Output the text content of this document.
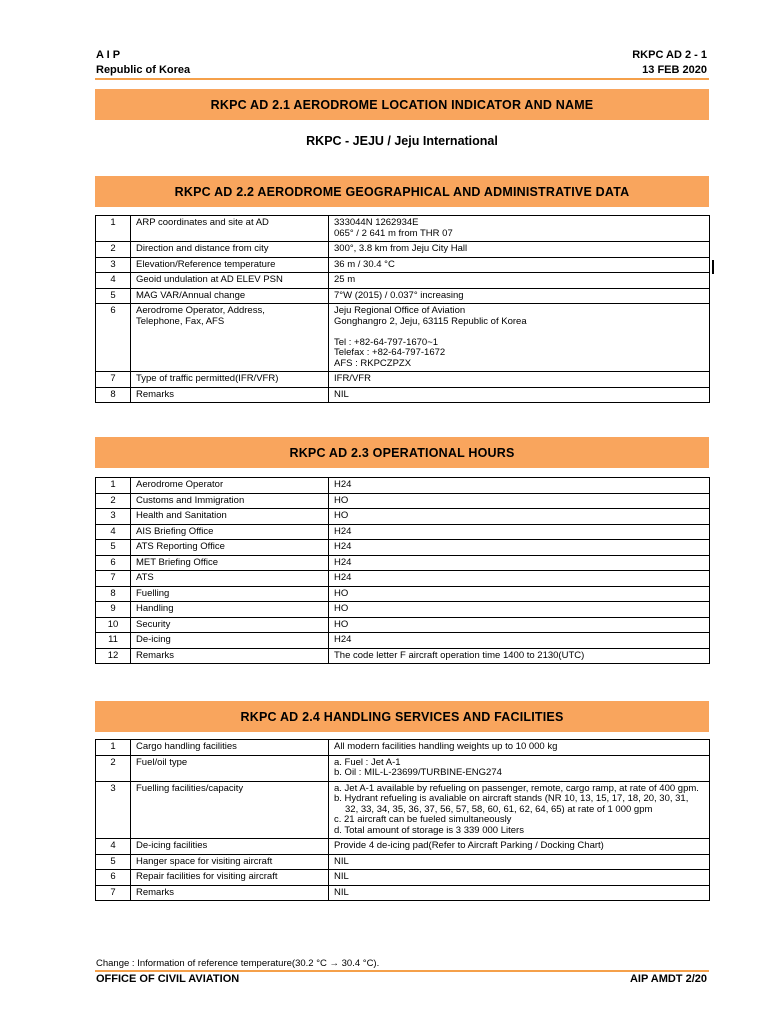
A I P
Republic of Korea
RKPC AD 2 - 1
13 FEB 2020
RKPC AD 2.1 AERODROME LOCATION INDICATOR AND NAME
RKPC - JEJU / Jeju International
RKPC AD 2.2 AERODROME GEOGRAPHICAL AND ADMINISTRATIVE DATA
1	ARP coordinates and site at AD	333044N 1262934E
065° / 2 641 m from THR 07
2	Direction and distance from city	300°, 3.8 km from Jeju City Hall
3	Elevation/Reference temperature	36 m / 30.4 °C
4	Geoid undulation at AD ELEV PSN	25 m
5	MAG VAR/Annual change	7°W (2015) / 0.037° increasing
6	Aerodrome Operator, Address,
Telephone, Fax, AFS	Jeju Regional Office of Aviation
Gonghangro 2, Jeju, 63115 Republic of Korea

Tel : +82-64-797-1670~1
Telefax : +82-64-797-1672
AFS : RKPCZPZX
7	Type of traffic permitted(IFR/VFR)	IFR/VFR
8	Remarks	NIL
RKPC AD 2.3 OPERATIONAL HOURS
1	Aerodrome Operator	H24
2	Customs and Immigration	HO
3	Health and Sanitation	HO
4	AIS Briefing Office	H24
5	ATS Reporting Office	H24
6	MET Briefing Office	H24
7	ATS	H24
8	Fuelling	HO
9	Handling	HO
10	Security	HO
11	De-icing	H24
12	Remarks	The code letter F aircraft operation time 1400 to 2130(UTC)
RKPC AD 2.4 HANDLING SERVICES AND FACILITIES
1	Cargo handling facilities	All modern facilities handling weights up to 10 000 kg
2	Fuel/oil type	a. Fuel : Jet A-1
b. Oil : MIL-L-23699/TURBINE-ENG274

3	Fuelling facilities/capacity	a. Jet A-1 available by refueling on passenger, remote, cargo ramp, at rate of 400 gpm.
b. Hydrant refueling is avaliable on aircraft stands (NR 10, 13, 15, 17, 18, 20, 30, 31, 32, 33, 34, 35, 36, 37, 56, 57, 58, 60, 61, 62, 64, 65) at rate of 1 000 gpm
c. 21 aircraft can be fueled simultaneously
d. Total amount of storage is 3 339 000 Liters

4	De-icing facilities	Provide 4 de-icing pad(Refer to Aircraft Parking / Docking Chart)
5	Hanger space for visiting aircraft	NIL
6	Repair facilities for visiting aircraft	NIL
7	Remarks	NIL
Change : Information of reference temperature(30.2 °C → 30.4 °C).
OFFICE OF CIVIL AVIATION	AIP AMDT 2/20
